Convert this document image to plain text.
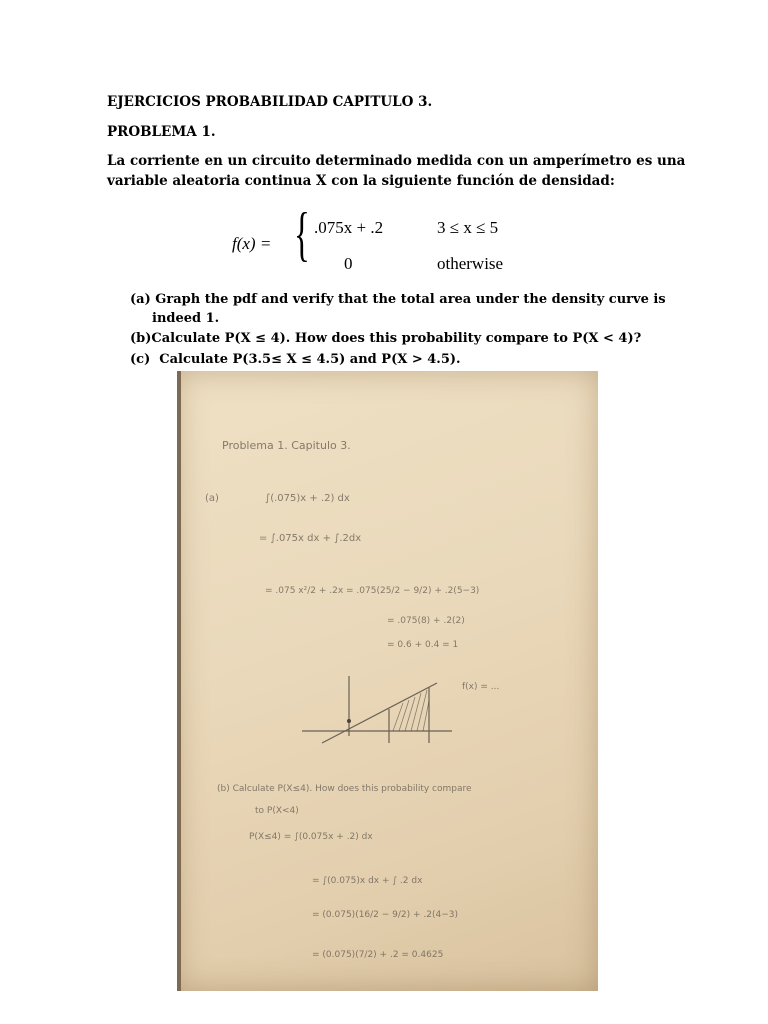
EJERCICIOS PROBABILIDAD CAPITULO 3.
PROBLEMA 1.
La corriente en un circuito determinado medida con un amperímetro es una
variable aleatoria continua X con la siguiente función de densidad:
f(x) = { .075x + .2	3 ≤ x ≤ 5
0	otherwise
(a) Graph the pdf and verify that the total area under the density curve is
indeed 1.
(b)Calculate P(X ≤ 4). How does this probability compare to P(X < 4)?
(c) Calculate P(3.5≤ X ≤ 4.5) and P(X > 4.5).
Problema 1. Capitulo 3.
(a)	∫(.075)x + .2) dx
= ∫.075x dx + ∫.2dx
= .075 x²/2 + .2x = .075(25/2 − 9/2) + .2(5−3)
= .075(8) + .2(2)
= 0.6 + 0.4 = 1
f(x) = ...
(b) Calculate P(X≤4). How does this probability compare
to P(X<4)
P(X≤4) = ∫(0.075x + .2) dx
= ∫(0.075)x dx + ∫ .2 dx
= (0.075)(16/2 − 9/2) + .2(4−3)
= (0.075)(7/2) + .2 = 0.4625
